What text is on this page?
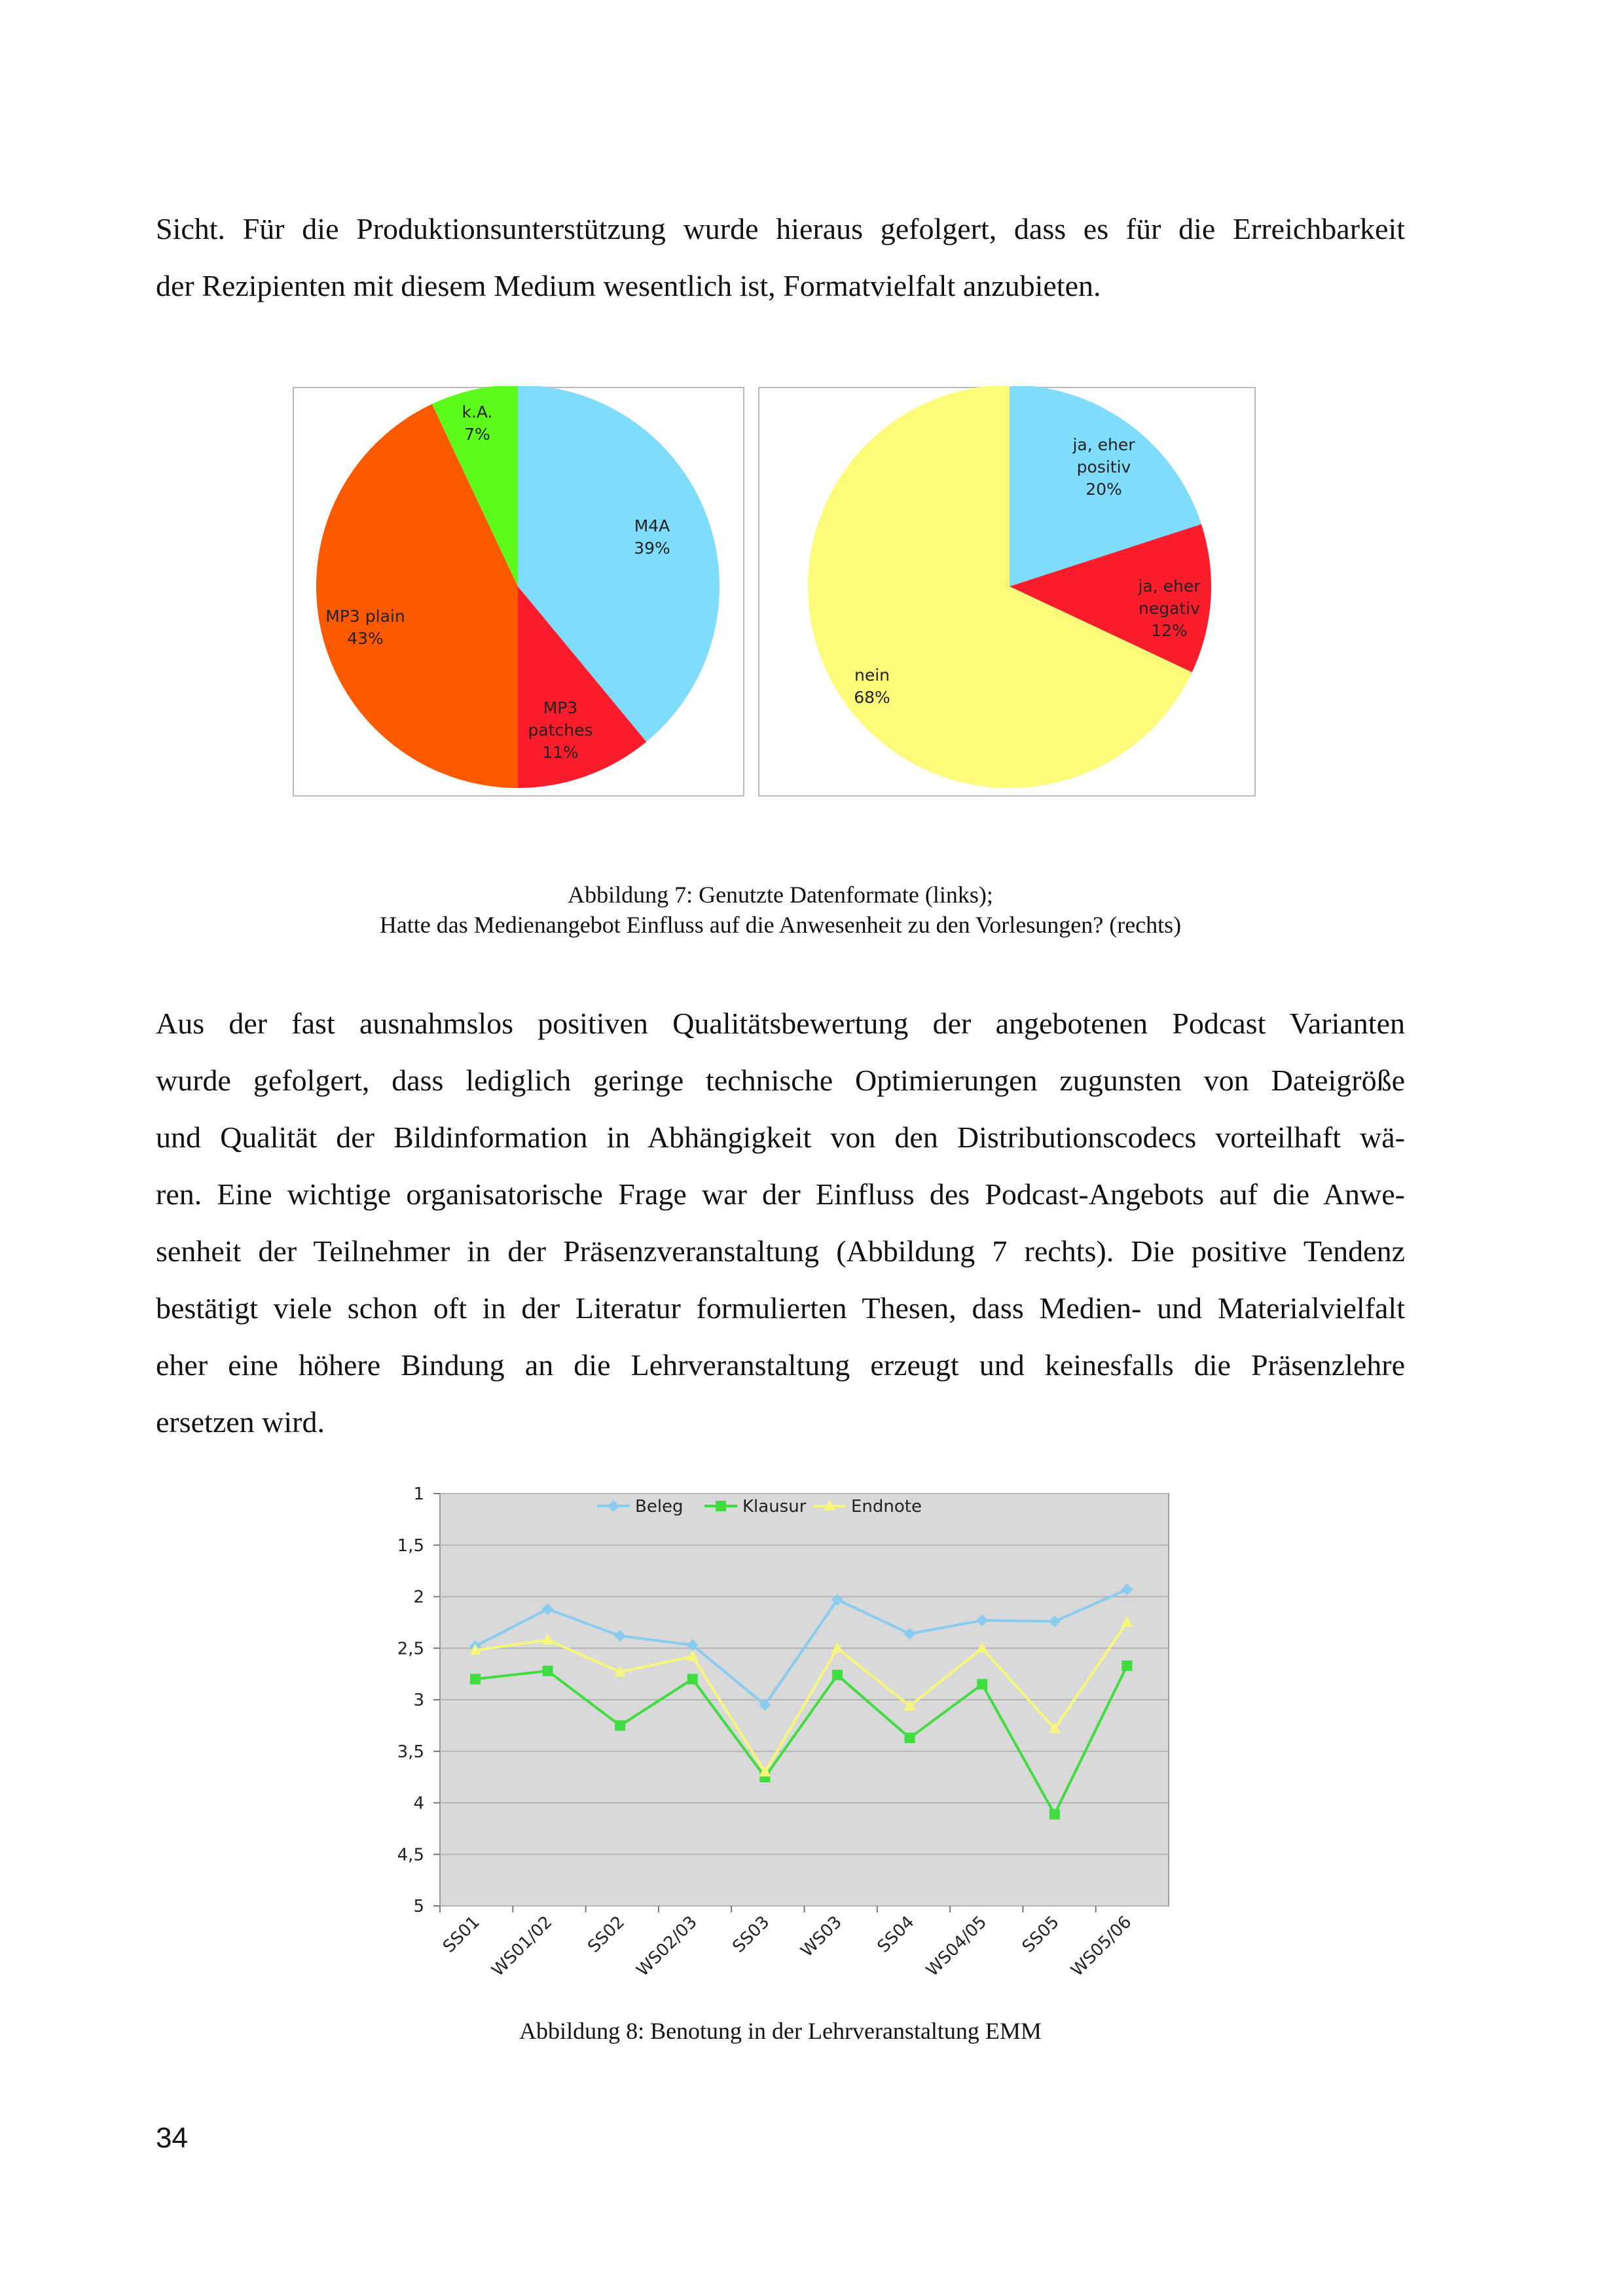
Sicht. Für die Produktionsunterstützung wurde hieraus gefolgert, dass es für die Erreichbarkeit
der Rezipienten mit diesem Medium wesentlich ist, Formatvielfalt anzubieten.
M4A 39%
MP3 patches 11%
MP3 plain 43%
k.A. 7%
ja, eher positiv 20%
ja, eher negativ 12%
nein 68%

Abbildung 7: Genutzte Datenformate (links);
Hatte das Medienangebot Einfluss auf die Anwesenheit zu den Vorlesungen? (rechts)

Aus der fast ausnahmslos positiven Qualitätsbewertung der angebotenen Podcast Varianten
wurde gefolgert, dass lediglich geringe technische Optimierungen zugunsten von Dateigröße
und Qualität der Bildinformation in Abhängigkeit von den Distributionscodecs vorteilhaft wä-
ren. Eine wichtige organisatorische Frage war der Einfluss des Podcast-Angebots auf die Anwe-
senheit der Teilnehmer in der Präsenzveranstaltung (Abbildung 7 rechts). Die positive Tendenz
bestätigt viele schon oft in der Literatur formulierten Thesen, dass Medien- und Materialvielfalt
eher eine höhere Bindung an die Lehrveranstaltung erzeugt und keinesfalls die Präsenzlehre
ersetzen wird.
1
1,5
2
2,5
3
3,5
4
4,5
5
SS01 WS01/02 SS02 WS02/03 SS03 WS03 SS04 WS04/05 SS05 WS05/06
Beleg	Klausur	Endnote

Abbildung 8: Benotung in der Lehrveranstaltung EMM

34
